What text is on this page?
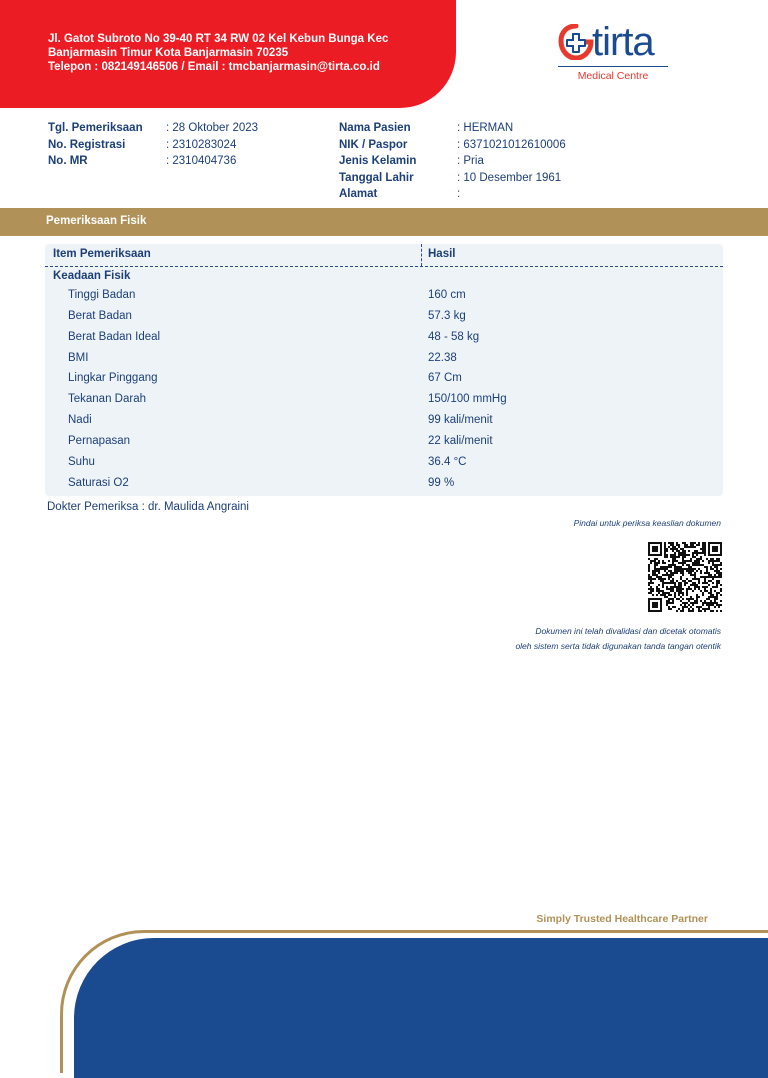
Jl. Gatot Subroto No 39-40 RT 34 RW 02 Kel Kebun Bunga Kec
Banjarmasin Timur Kota Banjarmasin 70235
Telepon : 082149146506 / Email : tmcbanjarmasin@tirta.co.id
tirta
Medical Centre
Tgl. Pemeriksaan : 28 Oktober 2023
No. Registrasi	: 2310283024
No. MR	: 2310404736
Nama Pasien	: HERMAN
NIK / Paspor	: 6371021012610006
Jenis Kelamin	: Pria
Tanggal Lahir	: 10 Desember 1961
Alamat	:
Pemeriksaan Fisik
Item Pemeriksaan	Hasil
Keadaan Fisik
Tinggi Badan	160 cm
Berat Badan	57.3 kg
Berat Badan Ideal	48 - 58 kg
BMI	22.38
Lingkar Pinggang	67 Cm
Tekanan Darah	150/100 mmHg
Nadi	99 kali/menit
Pernapasan	22 kali/menit
Suhu	36.4 °C
Saturasi O2	99 %
Dokter Pemeriksa : dr. Maulida Angraini
Pindai untuk periksa keaslian dokumen
Dokumen ini telah divalidasi dan dicetak otomatis
oleh sistem serta tidak digunakan tanda tangan otentik
Simply Trusted Healthcare Partner
